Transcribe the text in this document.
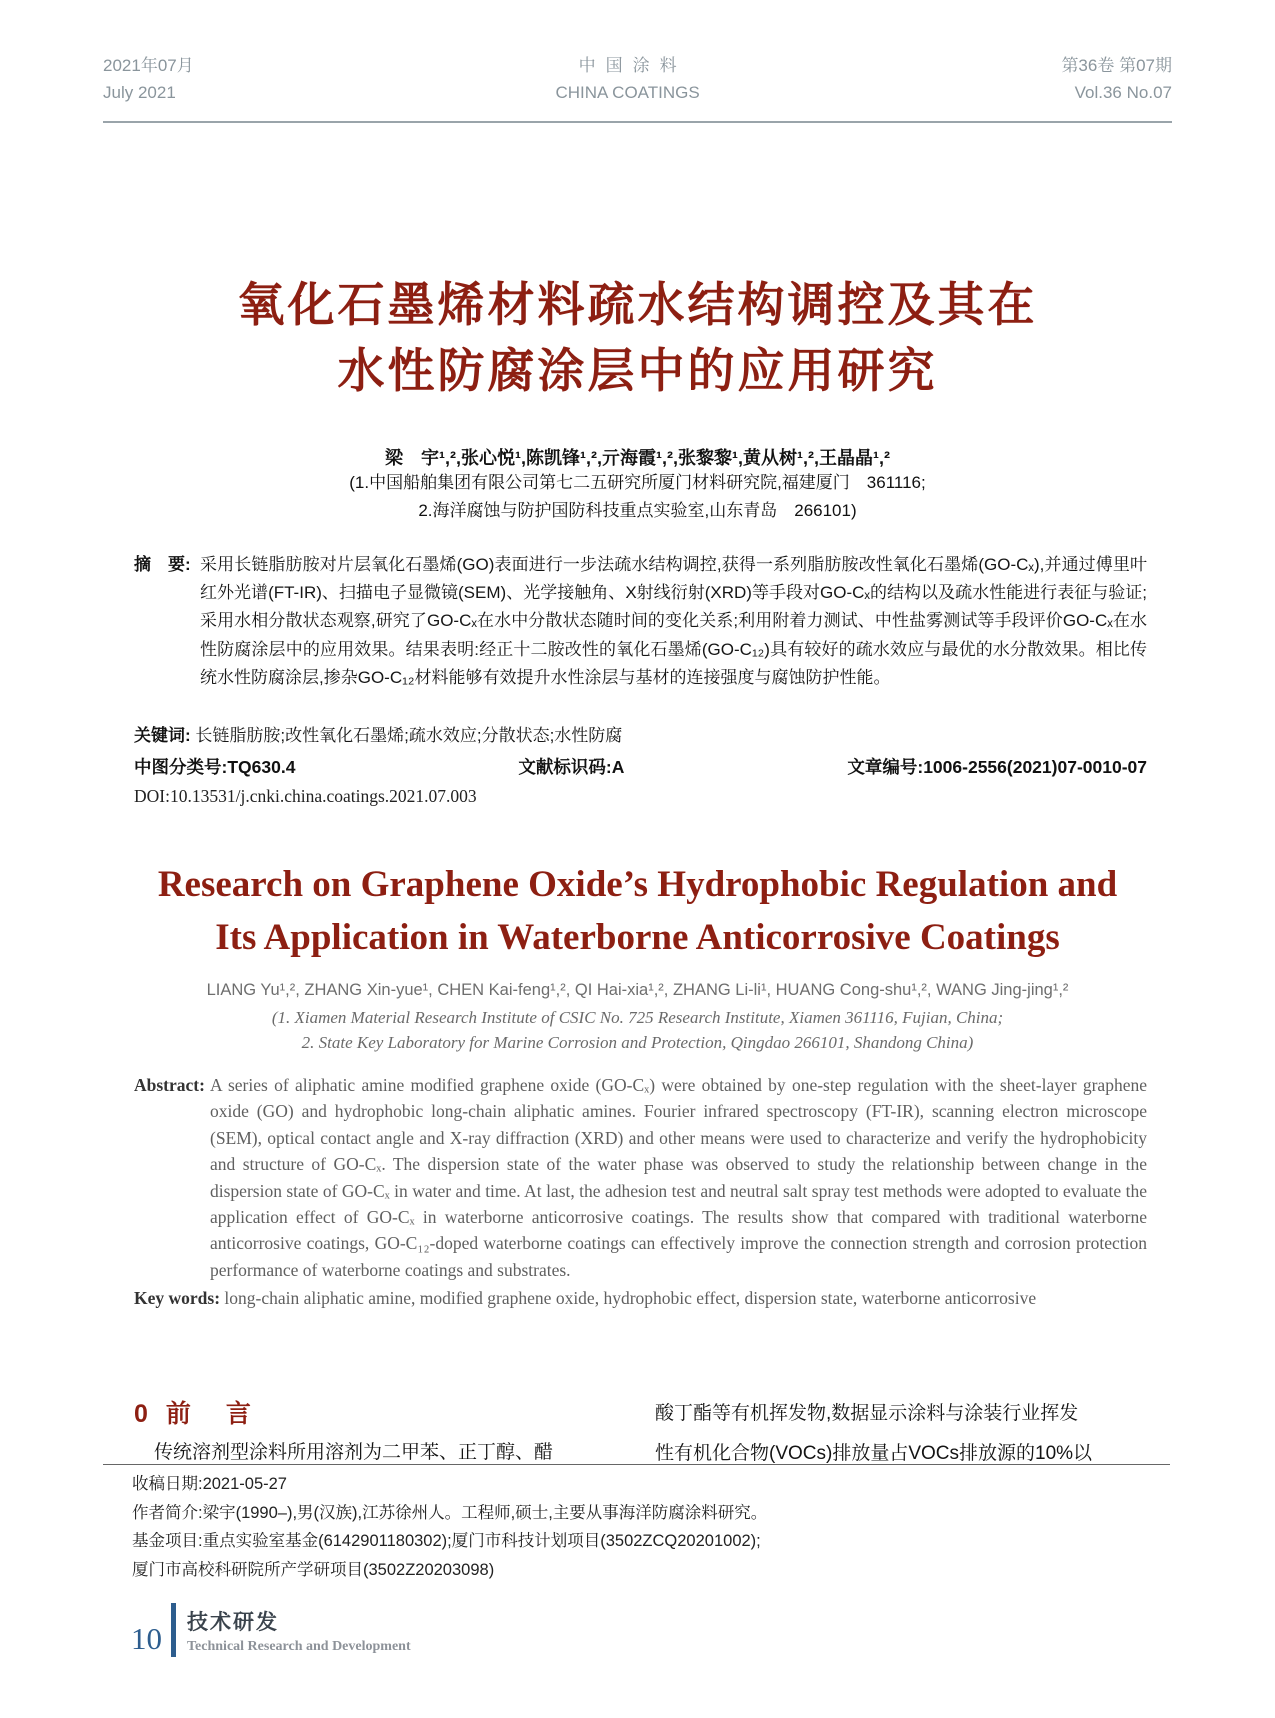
2021年07月
July 2021
中国涂料
CHINA COATINGS
第36卷 第07期
Vol.36 No.07
氧化石墨烯材料疏水结构调控及其在
水性防腐涂层中的应用研究
梁　宇¹,²,张心悦¹,陈凯锋¹,²,亓海霞¹,²,张黎黎¹,黄从树¹,²,王晶晶¹,²
(1.中国船舶集团有限公司第七二五研究所厦门材料研究院,福建厦门　361116;
2.海洋腐蚀与防护国防科技重点实验室,山东青岛　266101)
摘　要: 采用长链脂肪胺对片层氧化石墨烯(GO)表面进行一步法疏水结构调控,获得一系列脂肪胺改性氧化石墨烯(GO-Cₓ),并通过傅里叶红外光谱(FT-IR)、扫描电子显微镜(SEM)、光学接触角、X射线衍射(XRD)等手段对GO-Cₓ的结构以及疏水性能进行表征与验证;采用水相分散状态观察,研究了GO-Cₓ在水中分散状态随时间的变化关系;利用附着力测试、中性盐雾测试等手段评价GO-Cₓ在水性防腐涂层中的应用效果。结果表明:经正十二胺改性的氧化石墨烯(GO-C₁₂)具有较好的疏水效应与最优的水分散效果。相比传统水性防腐涂层,掺杂GO-C₁₂材料能够有效提升水性涂层与基材的连接强度与腐蚀防护性能。
关键词: 长链脂肪胺;改性氧化石墨烯;疏水效应;分散状态;水性防腐
中图分类号:TQ630.4	文献标识码:A	文章编号:1006-2556(2021)07-0010-07
DOI:10.13531/j.cnki.china.coatings.2021.07.003
Research on Graphene Oxide’s Hydrophobic Regulation and
Its Application in Waterborne Anticorrosive Coatings
LIANG Yu¹,², ZHANG Xin-yue¹, CHEN Kai-feng¹,², QI Hai-xia¹,², ZHANG Li-li¹, HUANG Cong-shu¹,², WANG Jing-jing¹,²
(1. Xiamen Material Research Institute of CSIC No. 725 Research Institute, Xiamen 361116, Fujian, China;
2. State Key Laboratory for Marine Corrosion and Protection, Qingdao 266101, Shandong China)
Abstract: A series of aliphatic amine modified graphene oxide (GO-Cₓ) were obtained by one-step regulation with the sheet-layer graphene oxide (GO) and hydrophobic long-chain aliphatic amines. Fourier infrared spectroscopy (FT-IR), scanning electron microscope (SEM), optical contact angle and X-ray diffraction (XRD) and other means were used to characterize and verify the hydrophobicity and structure of GO-Cₓ. The dispersion state of the water phase was observed to study the relationship between change in the dispersion state of GO-Cₓ in water and time. At last, the adhesion test and neutral salt spray test methods were adopted to evaluate the application effect of GO-Cₓ in waterborne anticorrosive coatings. The results show that compared with traditional waterborne anticorrosive coatings, GO-C₁₂-doped waterborne coatings can effectively improve the connection strength and corrosion protection performance of waterborne coatings and substrates.
Key words: long-chain aliphatic amine, modified graphene oxide, hydrophobic effect, dispersion state, waterborne anticorrosive
0 前 言
传统溶剂型涂料所用溶剂为二甲苯、正丁醇、醋
酸丁酯等有机挥发物,数据显示涂料与涂装行业挥发
性有机化合物(VOCs)排放量占VOCs排放源的10%以
收稿日期:2021-05-27
作者简介:梁宇(1990–),男(汉族),江苏徐州人。工程师,硕士,主要从事海洋防腐涂料研究。
基金项目:重点实验室基金(6142901180302);厦门市科技计划项目(3502ZCQ20201002);
厦门市高校科研院所产学研项目(3502Z20203098)
10 技术研发
Technical Research and Development
